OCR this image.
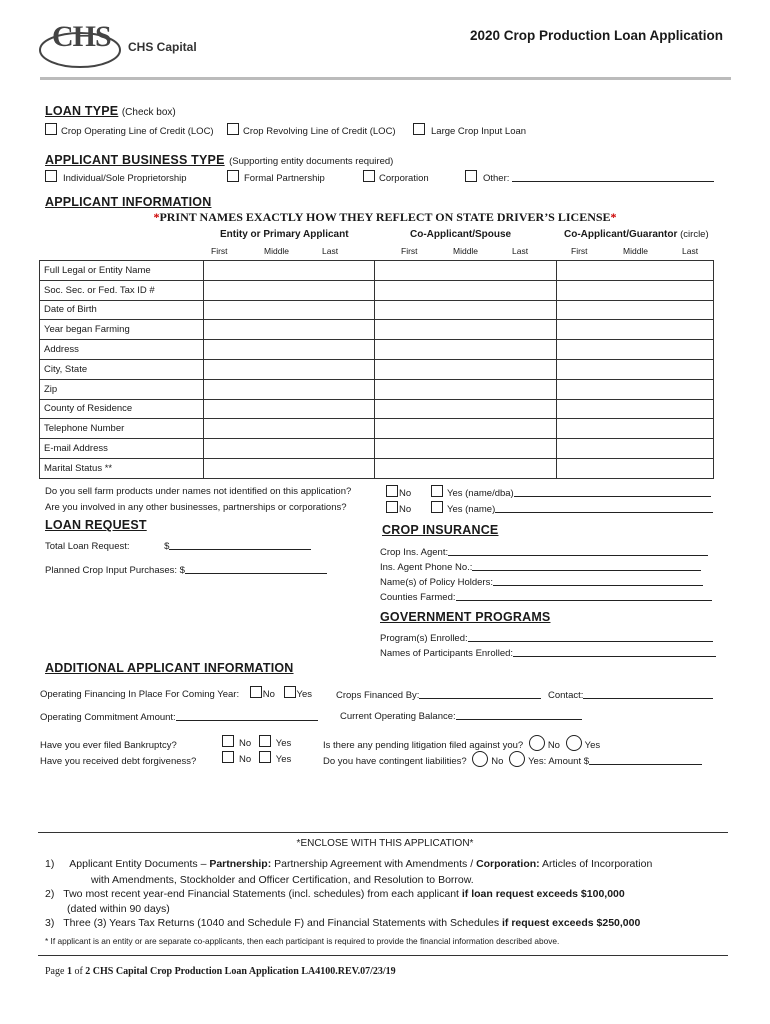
CHS CHS Capital
2020 Crop Production Loan Application
LOAN TYPE (Check box)
Crop Operating Line of Credit (LOC)	Crop Revolving Line of Credit (LOC)	Large Crop Input Loan
APPLICANT BUSINESS TYPE (Supporting entity documents required)
Individual/Sole Proprietorship	Formal Partnership	Corporation	Other:
APPLICANT INFORMATION
*PRINT NAMES EXACTLY HOW THEY REFLECT ON STATE DRIVER’S LICENSE*
Entity or Primary Applicant	Co-Applicant/Spouse	Co-Applicant/Guarantor (circle)
First	Middle	Last	First	Middle	Last	First	Middle	Last
Full Legal or Entity Name			
Soc. Sec. or Fed. Tax ID #			
Date of Birth			
Year began Farming			
Address			
City, State			
Zip			
County of Residence			
Telephone Number			
E-mail Address			
Marital Status **			
Do you sell farm products under names not identified on this application?	No	Yes (name/dba)
Are you involved in any other businesses, partnerships or corporations?	No	Yes (name)
LOAN REQUEST
Total Loan Request:	$
Planned Crop Input Purchases: $
CROP INSURANCE
Crop Ins. Agent:
Ins. Agent Phone No.:
Name(s) of Policy Holders:
Counties Farmed:
GOVERNMENT PROGRAMS
Program(s) Enrolled:
Names of Participants Enrolled:
ADDITIONAL APPLICANT INFORMATION
Operating Financing In Place For Coming Year: No Yes	Crops Financed By:	Contact:
Operating Commitment Amount:	Current Operating Balance:
Have you ever filed Bankruptcy?	No	Yes
Have you received debt forgiveness?	No	Yes
Is there any pending litigation filed against you?	No	Yes
Do you have contingent liabilities?	No	Yes: Amount $
*ENCLOSE WITH THIS APPLICATION*
1) Applicant Entity Documents – Partnership: Partnership Agreement with Amendments / Corporation: Articles of Incorporation
with Amendments, Stockholder and Officer Certification, and Resolution to Borrow.
2) Two most recent year-end Financial Statements (incl. schedules) from each applicant if loan request exceeds $100,000
(dated within 90 days)
3) Three (3) Years Tax Returns (1040 and Schedule F) and Financial Statements with Schedules if request exceeds $250,000
* If applicant is an entity or are separate co-applicants, then each participant is required to provide the financial information described above.
Page 1 of 2 CHS Capital Crop Production Loan Application LA4100.REV.07/23/19
